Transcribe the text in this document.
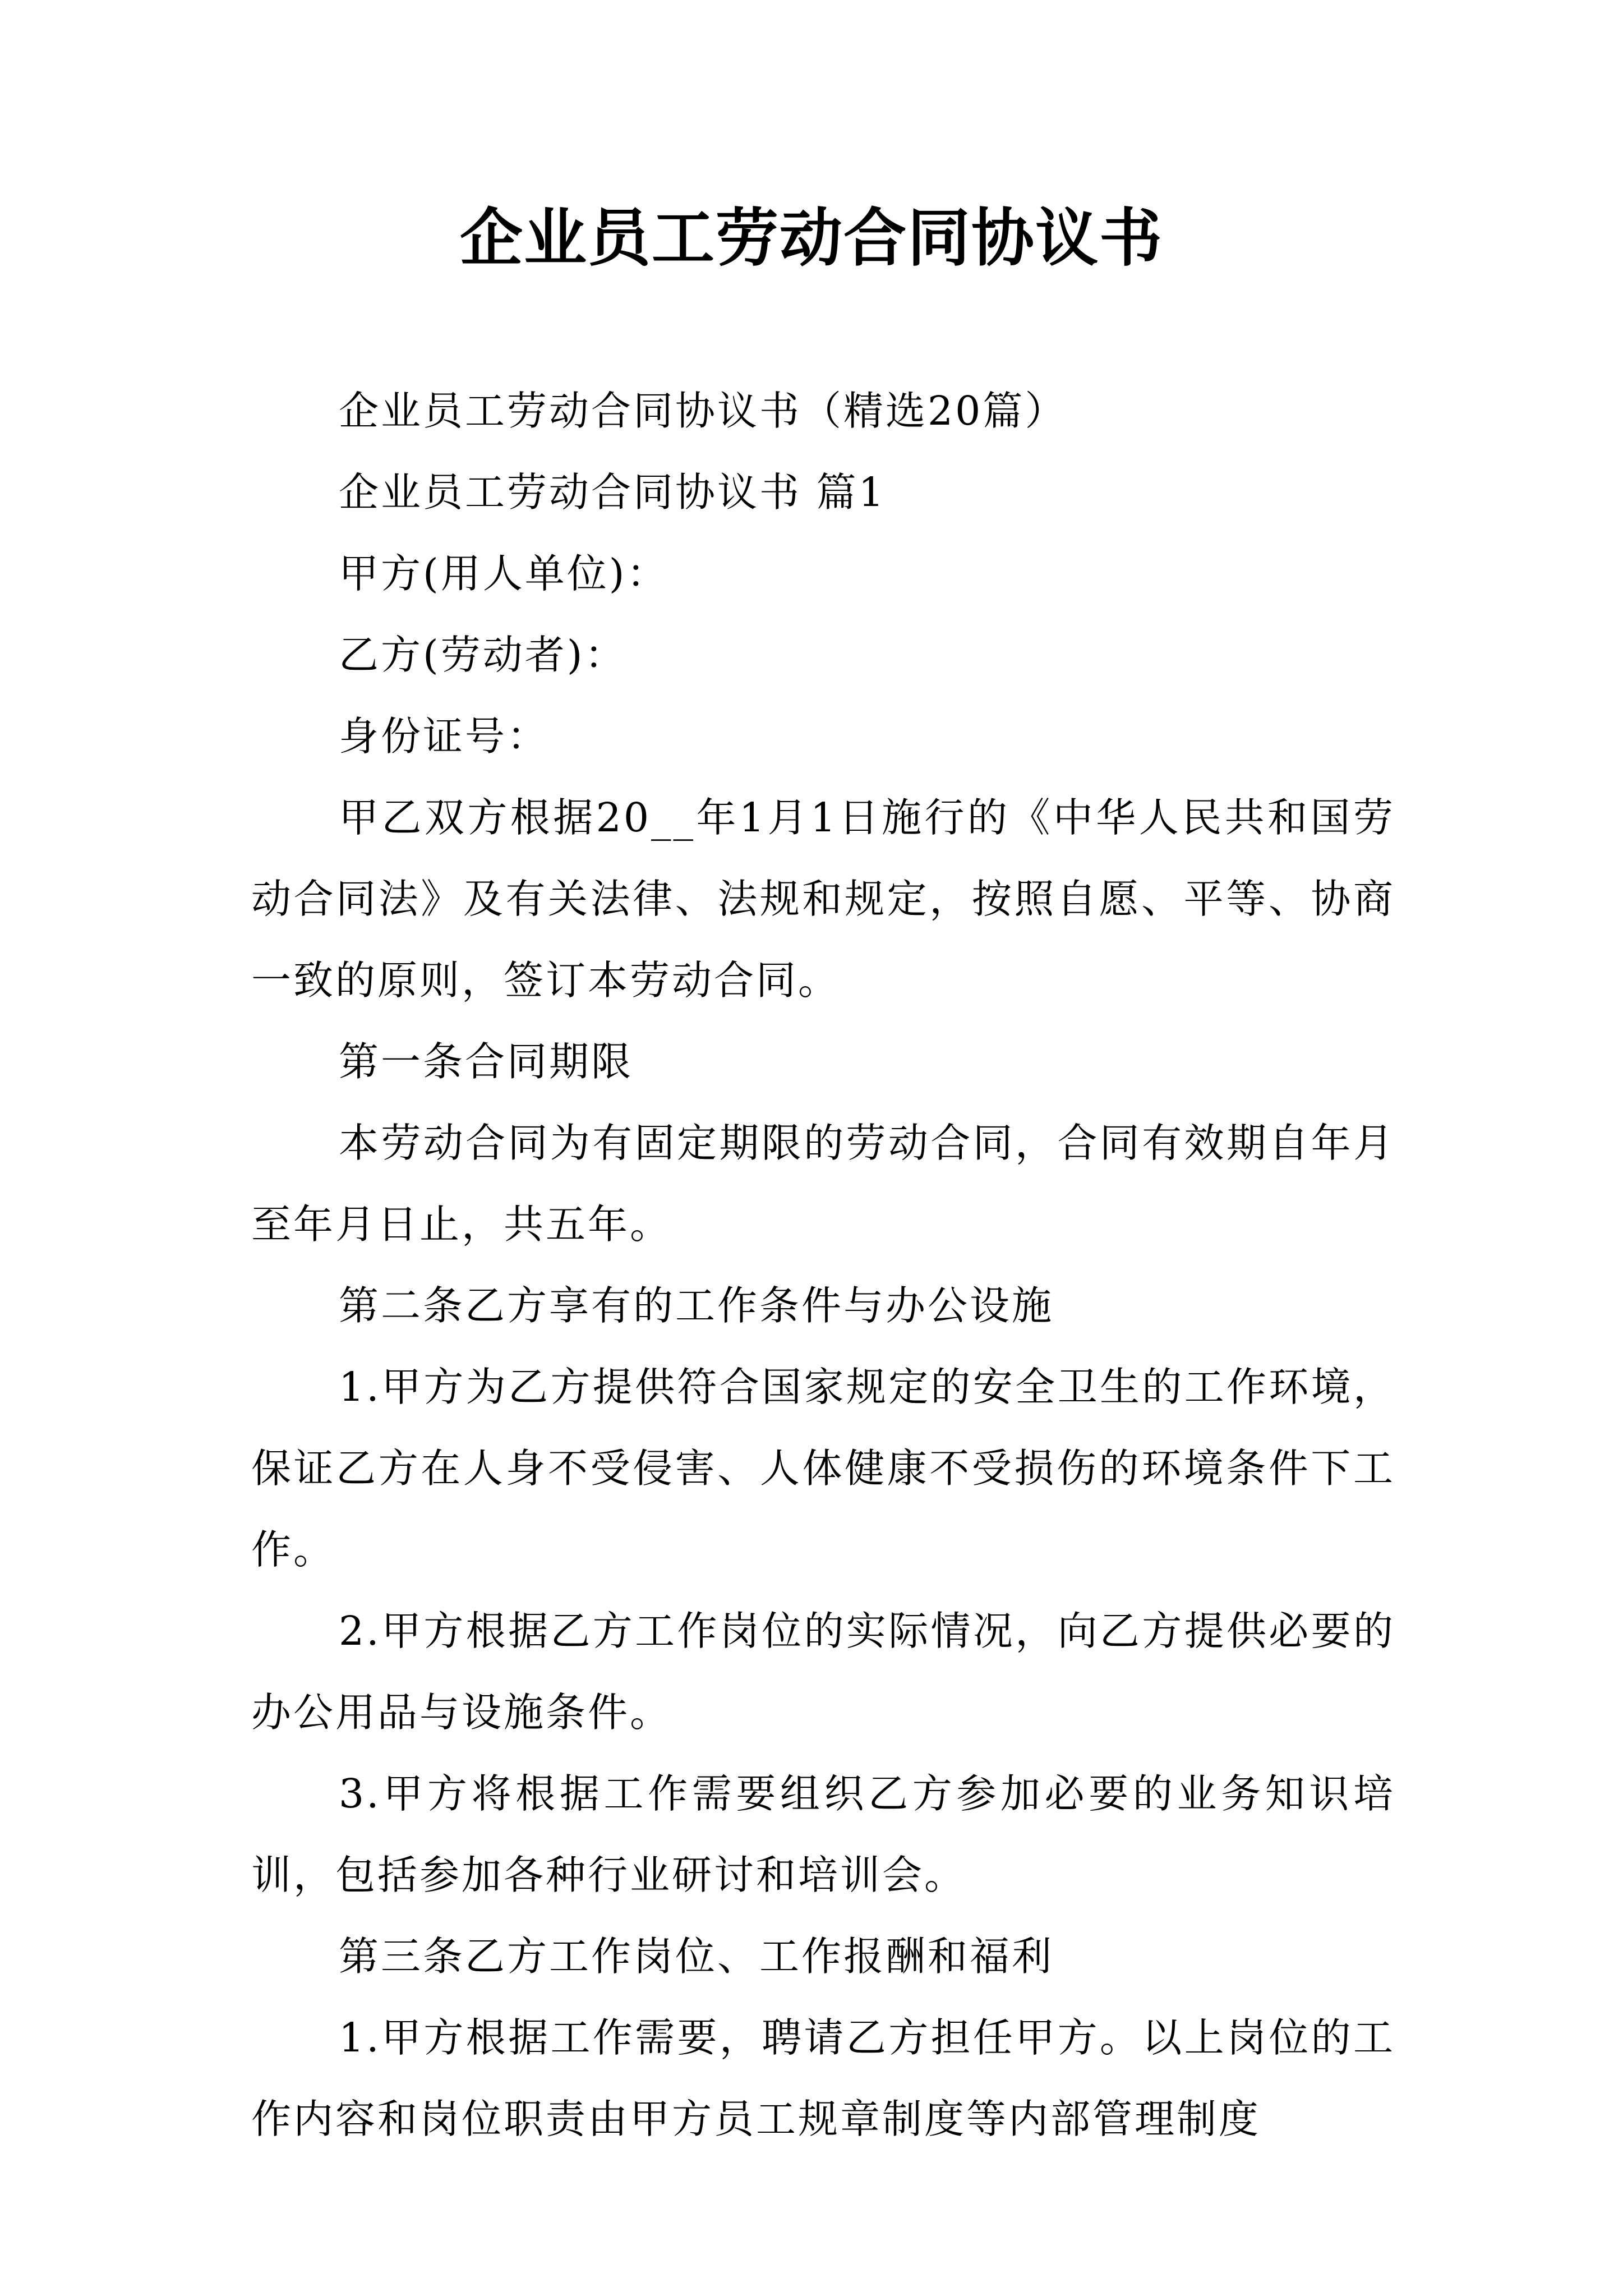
企业员工劳动合同协议书

企业员工劳动合同协议书（精选20篇）

企业员工劳动合同协议书 篇1

甲方(用人单位)：

乙方(劳动者)：

身份证号：

甲乙双方根据20__年1月1日施行的《中华人民共和国劳动合同法》及有关法律、法规和规定，按照自愿、平等、协商一致的原则，签订本劳动合同。

第一条合同期限

本劳动合同为有固定期限的劳动合同，合同有效期自年月至年月日止，共五年。

第二条乙方享有的工作条件与办公设施

1.甲方为乙方提供符合国家规定的安全卫生的工作环境，保证乙方在人身不受侵害、人体健康不受损伤的环境条件下工作。

2.甲方根据乙方工作岗位的实际情况，向乙方提供必要的办公用品与设施条件。

3.甲方将根据工作需要组织乙方参加必要的业务知识培训，包括参加各种行业研讨和培训会。

第三条乙方工作岗位、工作报酬和福利

1.甲方根据工作需要，聘请乙方担任甲方。以上岗位的工作内容和岗位职责由甲方员工规章制度等内部管理制度
